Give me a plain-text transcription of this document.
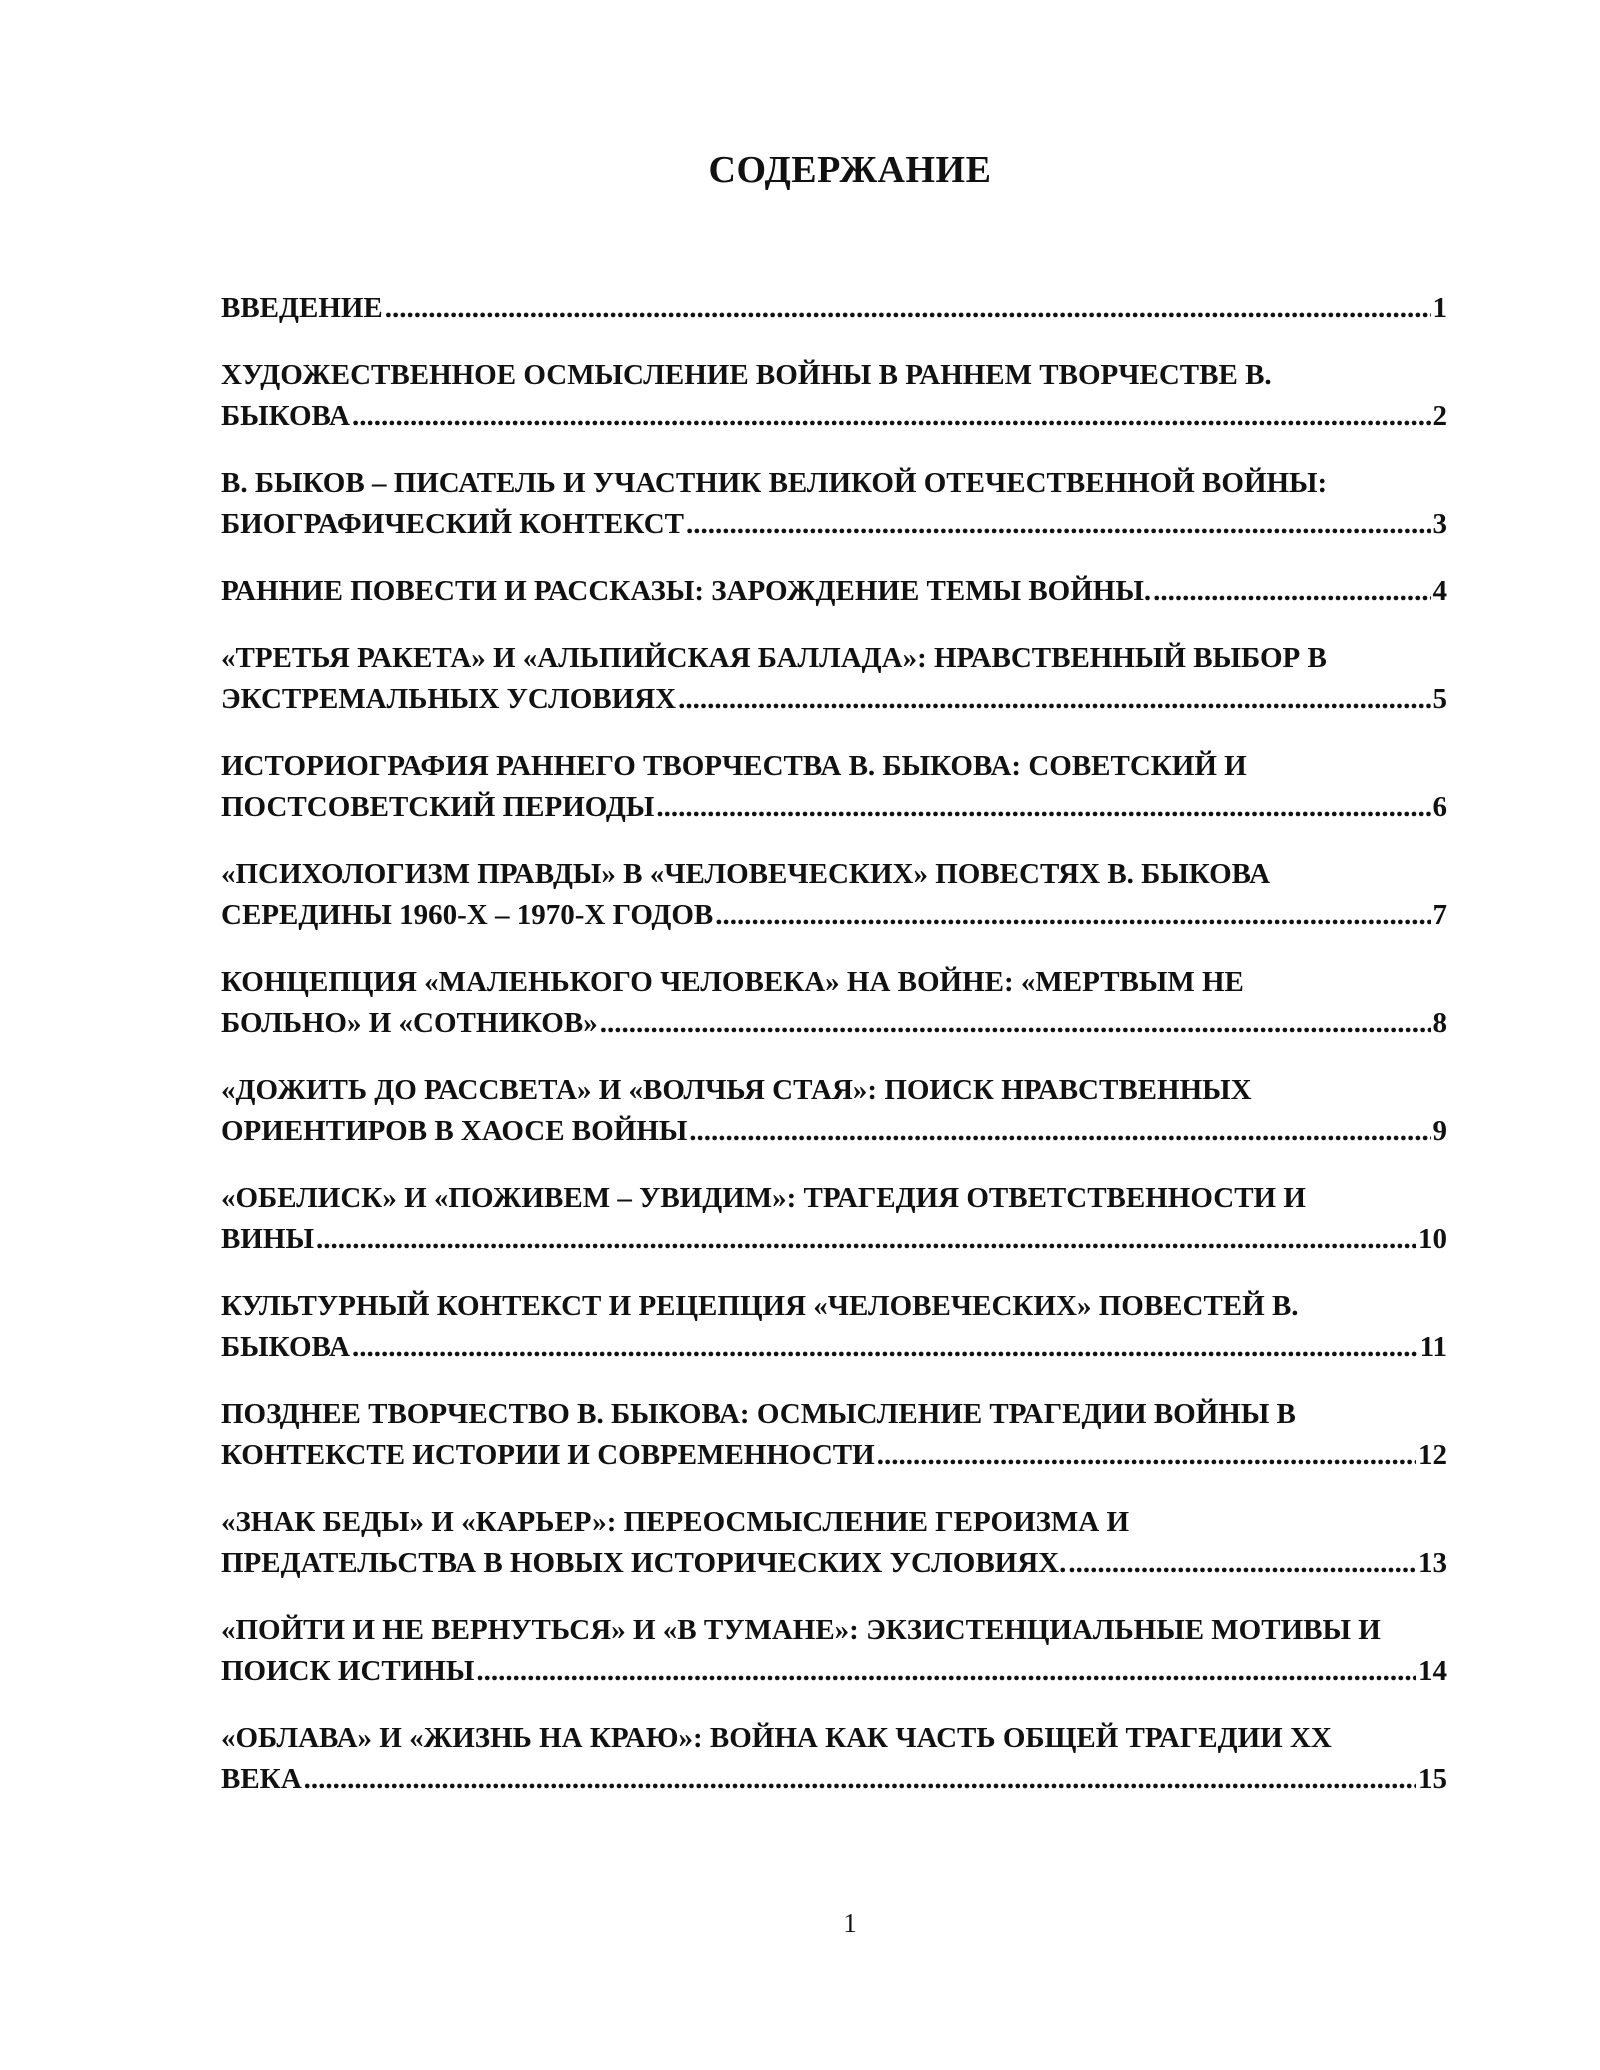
СОДЕРЖАНИЕ
ВВЕДЕНИЕ .....	1
ХУДОЖЕСТВЕННОЕ ОСМЫСЛЕНИЕ ВОЙНЫ В РАННЕМ ТВОРЧЕСТВЕ В.
БЫКОВА .....	2
В. БЫКОВ – ПИСАТЕЛЬ И УЧАСТНИК ВЕЛИКОЙ ОТЕЧЕСТВЕННОЙ ВОЙНЫ:
БИОГРАФИЧЕСКИЙ КОНТЕКСТ .....	3
РАННИЕ ПОВЕСТИ И РАССКАЗЫ: ЗАРОЖДЕНИЕ ТЕМЫ ВОЙНЫ. .....	4
«ТРЕТЬЯ РАКЕТА» И «АЛЬПИЙСКАЯ БАЛЛАДА»: НРАВСТВЕННЫЙ ВЫБОР В
ЭКСТРЕМАЛЬНЫХ УСЛОВИЯХ .....	5
ИСТОРИОГРАФИЯ РАННЕГО ТВОРЧЕСТВА В. БЫКОВА: СОВЕТСКИЙ И
ПОСТСОВЕТСКИЙ ПЕРИОДЫ .....	6
«ПСИХОЛОГИЗМ ПРАВДЫ» В «ЧЕЛОВЕЧЕСКИХ» ПОВЕСТЯХ В. БЫКОВА
СЕРЕДИНЫ 1960-Х – 1970-Х ГОДОВ .....	7
КОНЦЕПЦИЯ «МАЛЕНЬКОГО ЧЕЛОВЕКА» НА ВОЙНЕ: «МЕРТВЫМ НЕ
БОЛЬНО» И «СОТНИКОВ» .....	8
«ДОЖИТЬ ДО РАССВЕТА» И «ВОЛЧЬЯ СТАЯ»: ПОИСК НРАВСТВЕННЫХ
ОРИЕНТИРОВ В ХАОСЕ ВОЙНЫ .....	9
«ОБЕЛИСК» И «ПОЖИВЕМ – УВИДИМ»: ТРАГЕДИЯ ОТВЕТСТВЕННОСТИ И
ВИНЫ .....	10
КУЛЬТУРНЫЙ КОНТЕКСТ И РЕЦЕПЦИЯ «ЧЕЛОВЕЧЕСКИХ» ПОВЕСТЕЙ В.
БЫКОВА .....	11
ПОЗДНЕЕ ТВОРЧЕСТВО В. БЫКОВА: ОСМЫСЛЕНИЕ ТРАГЕДИИ ВОЙНЫ В
КОНТЕКСТЕ ИСТОРИИ И СОВРЕМЕННОСТИ .....	12
«ЗНАК БЕДЫ» И «КАРЬЕР»: ПЕРЕОСМЫСЛЕНИЕ ГЕРОИЗМА И
ПРЕДАТЕЛЬСТВА В НОВЫХ ИСТОРИЧЕСКИХ УСЛОВИЯХ. .....	13
«ПОЙТИ И НЕ ВЕРНУТЬСЯ» И «В ТУМАНЕ»: ЭКЗИСТЕНЦИАЛЬНЫЕ МОТИВЫ И
ПОИСК ИСТИНЫ .....	14
«ОБЛАВА» И «ЖИЗНЬ НА КРАЮ»: ВОЙНА КАК ЧАСТЬ ОБЩЕЙ ТРАГЕДИИ ХХ
ВЕКА .....	15
1
